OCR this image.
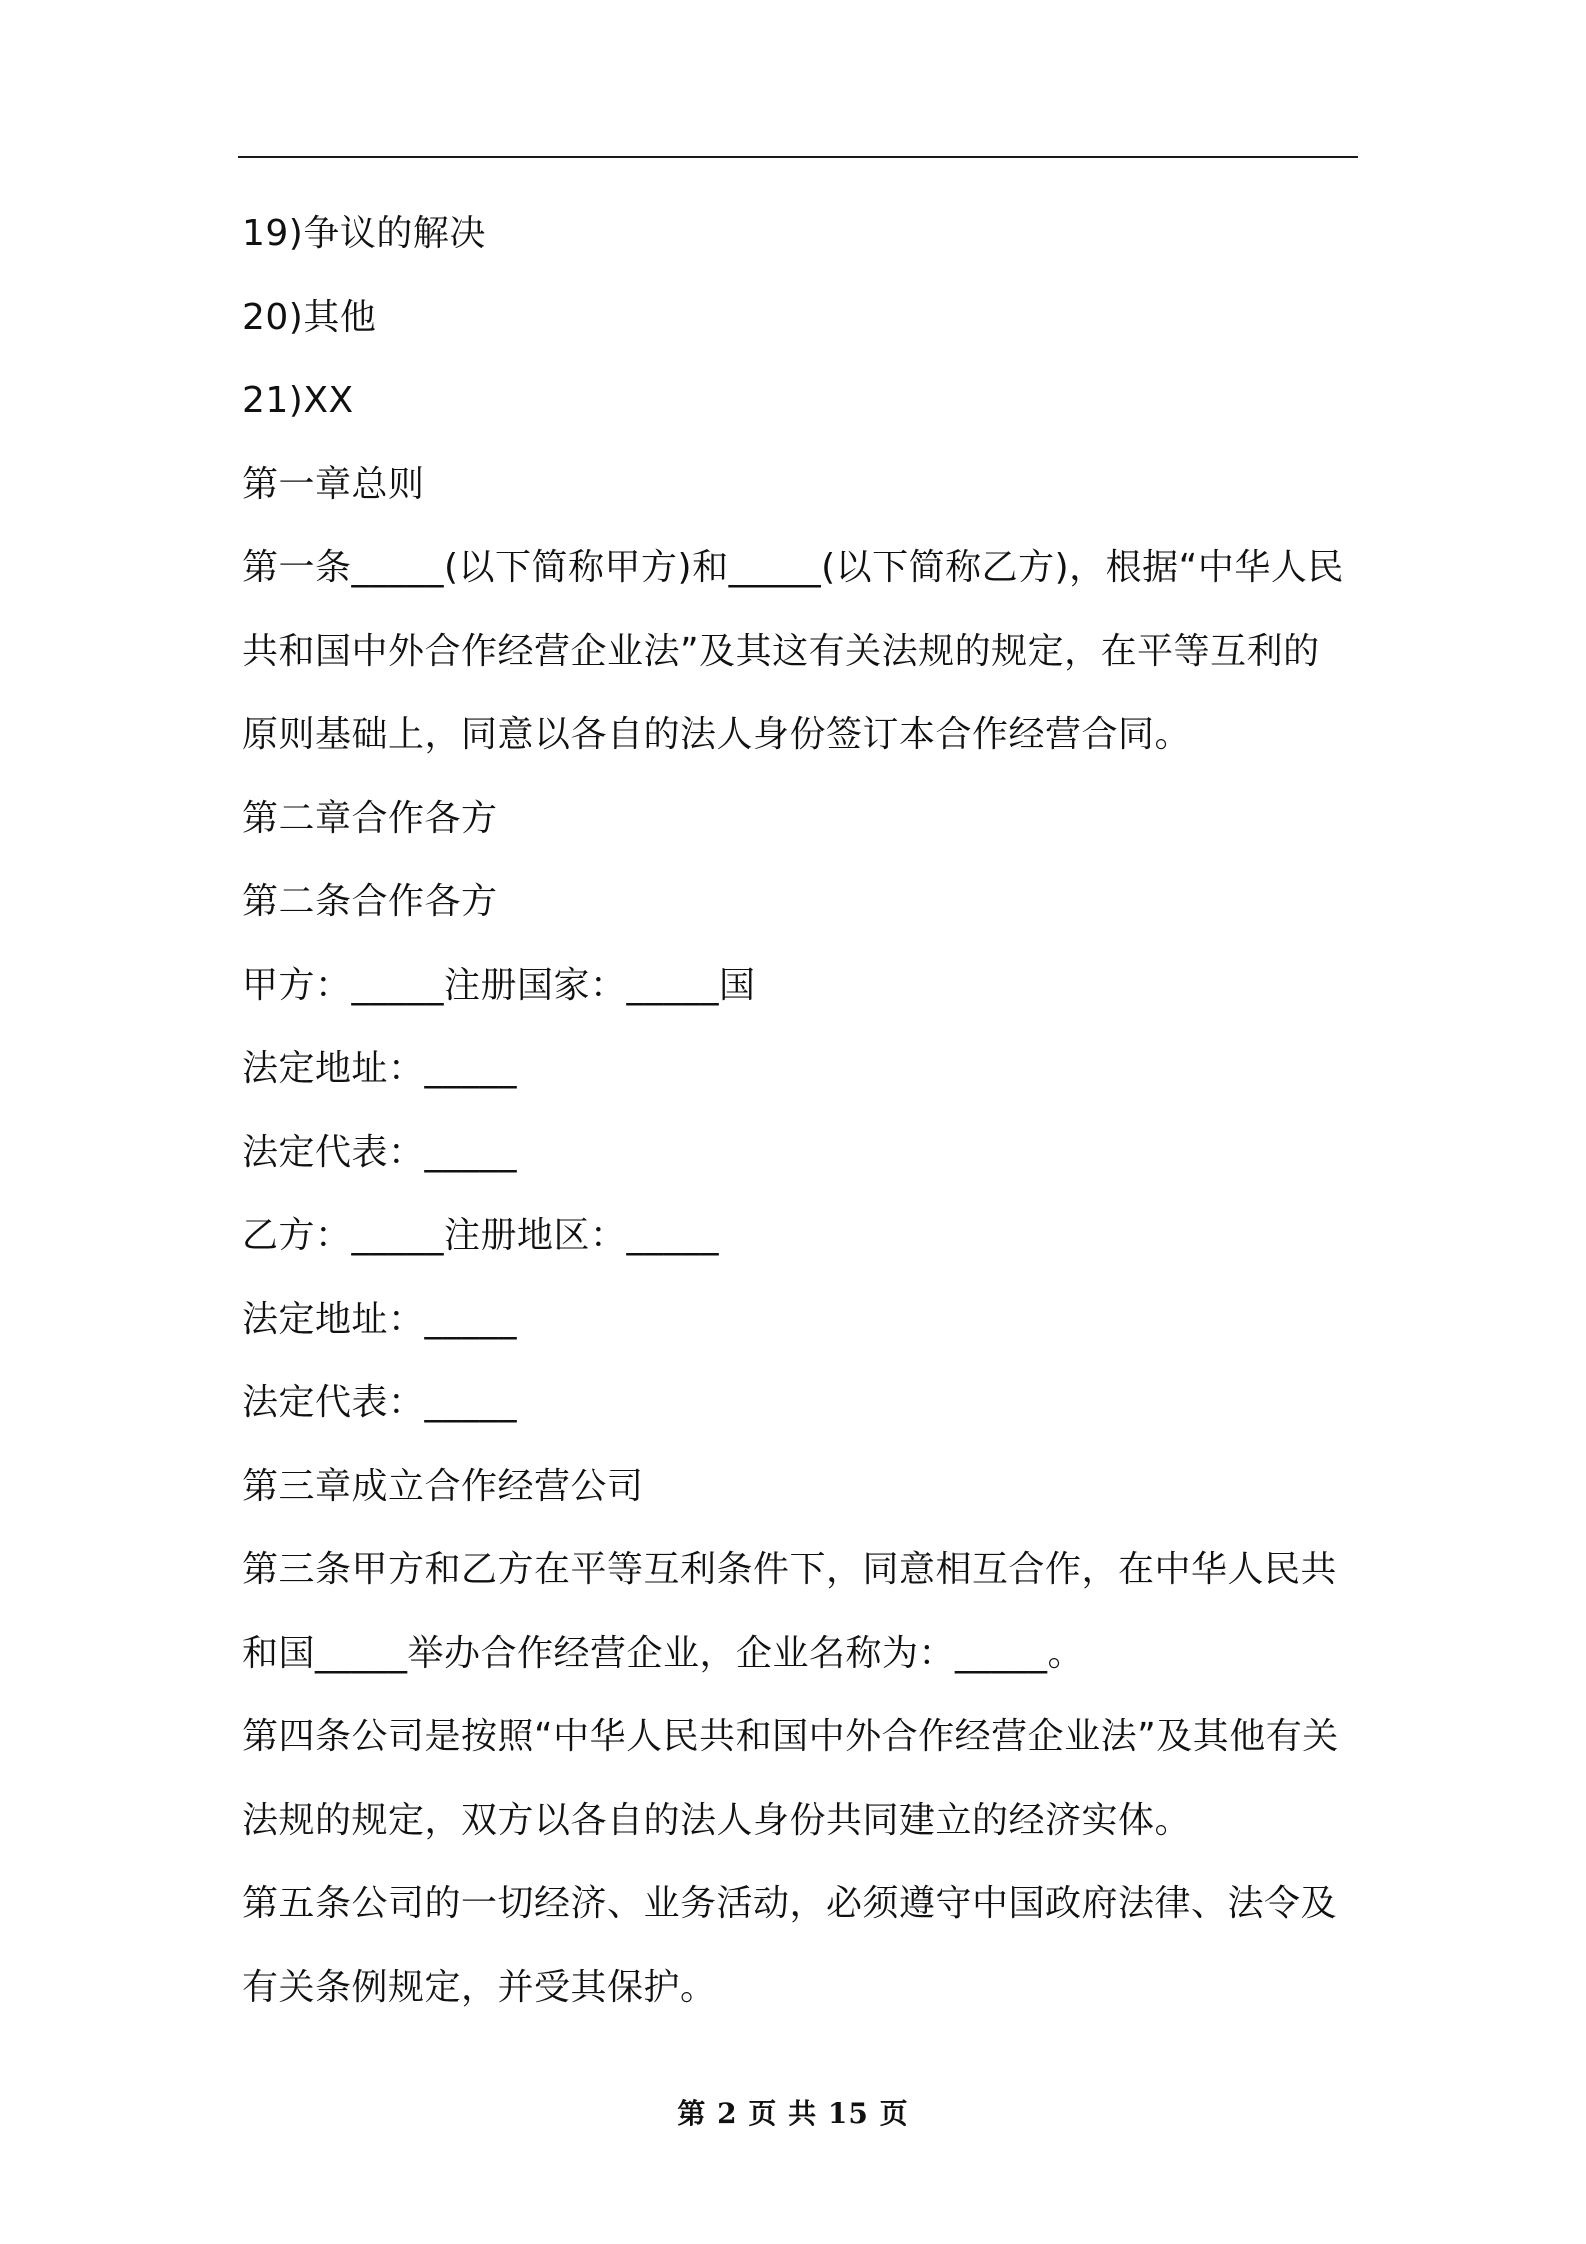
19)争议的解决

20)其他

21)XX

第一章总则

第一条_____(以下简称甲方)和_____(以下简称乙方)，根据“中华人民共和国中外合作经营企业法”及其这有关法规的规定，在平等互利的原则基础上，同意以各自的法人身份签订本合作经营合同。

第二章合作各方

第二条合作各方

甲方：_____注册国家：_____国

法定地址：_____

法定代表：_____

乙方：_____注册地区：_____

法定地址：_____

法定代表：_____

第三章成立合作经营公司

第三条甲方和乙方在平等互利条件下，同意相互合作，在中华人民共和国_____举办合作经营企业，企业名称为：_____。

第四条公司是按照“中华人民共和国中外合作经营企业法”及其他有关法规的规定，双方以各自的法人身份共同建立的经济实体。

第五条公司的一切经济、业务活动，必须遵守中国政府法律、法令及有关条例规定，并受其保护。

第 2 页 共 15 页
